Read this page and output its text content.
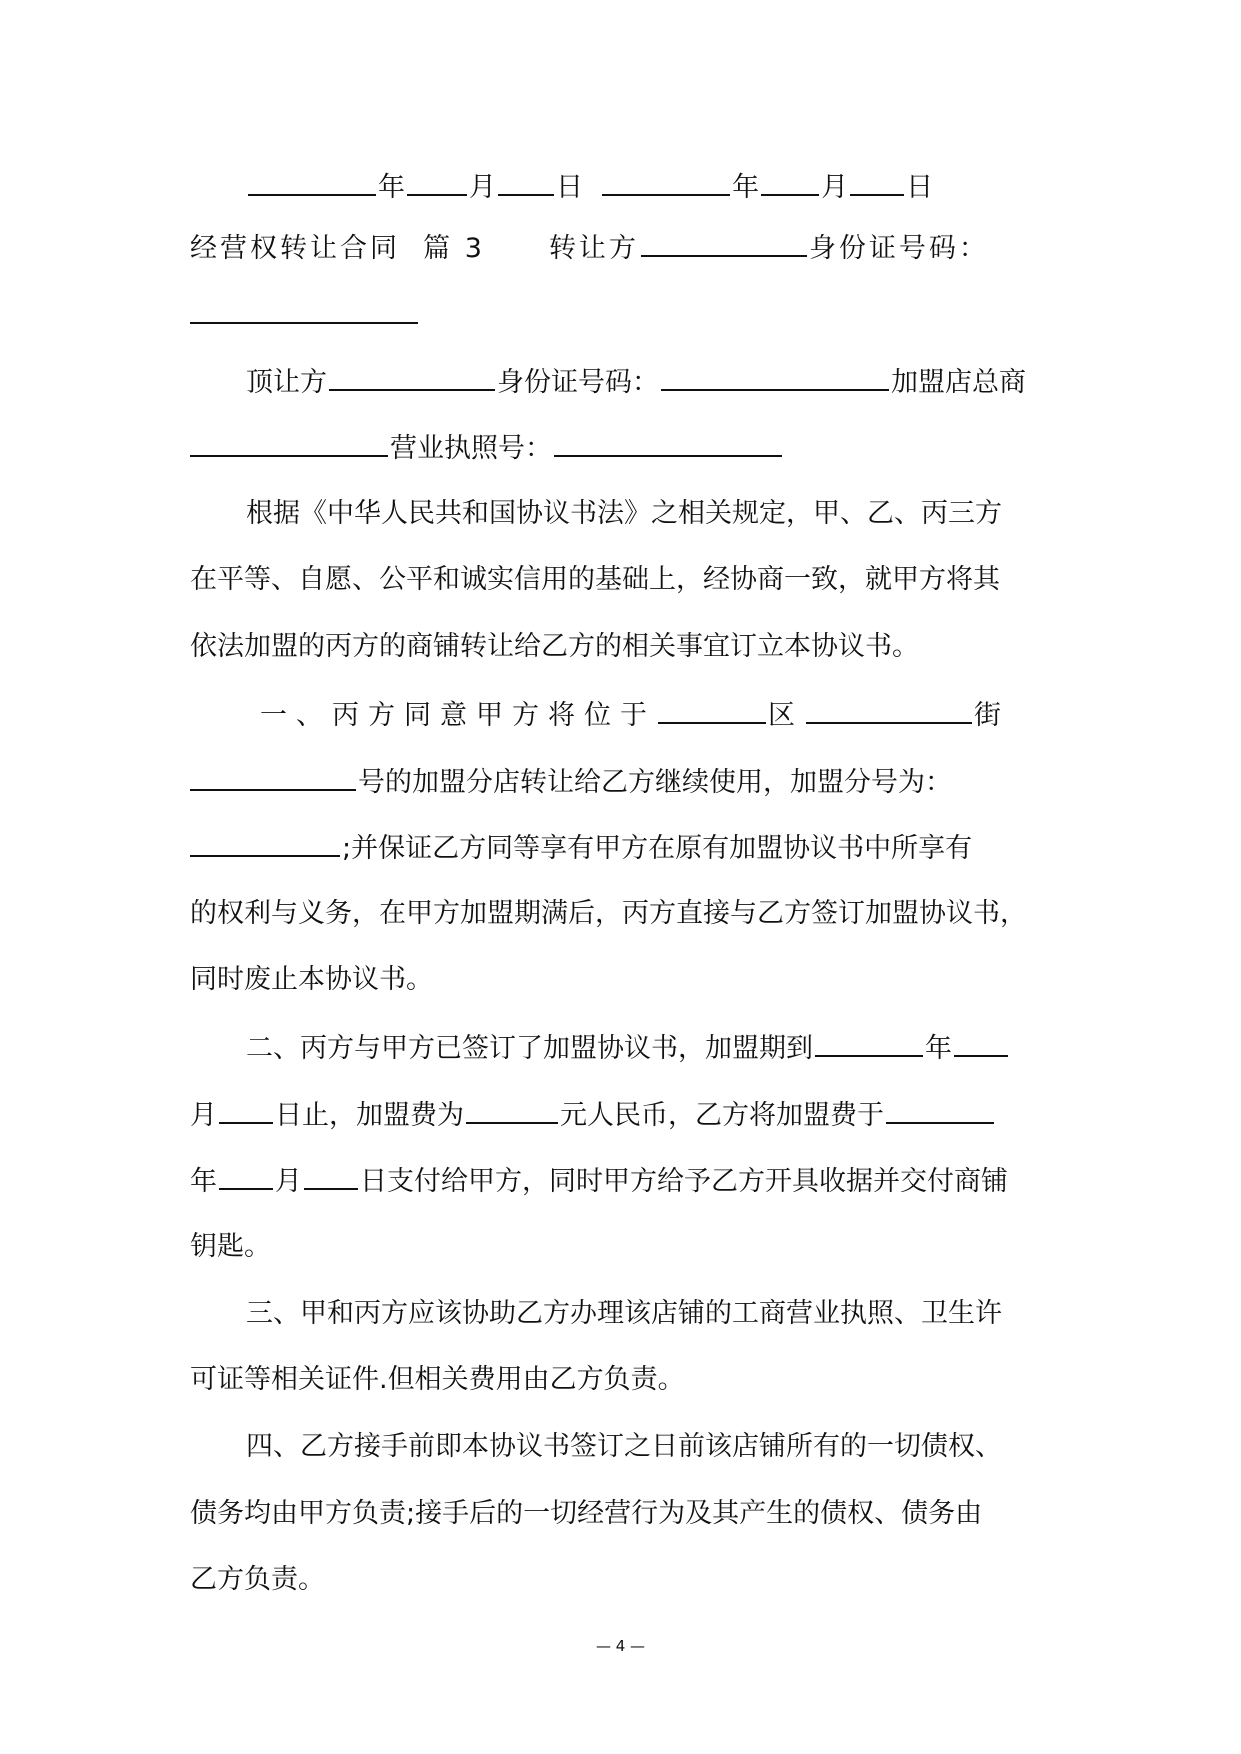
年 月 日	年 月 日
经营权转让合同 篇 3 转让方	身份证号码：
顶让方	身份证号码：	加盟店总商
营业执照号：
根据《中华人民共和国协议书法》之相关规定，甲、乙、丙三方
在平等、自愿、公平和诚实信用的基础上，经协商一致，就甲方将其
依法加盟的丙方的商铺转让给乙方的相关事宜订立本协议书。
一、丙方同意甲方将位于	区	街
号的加盟分店转让给乙方继续使用，加盟分号为：
;并保证乙方同等享有甲方在原有加盟协议书中所享有
的权利与义务，在甲方加盟期满后，丙方直接与乙方签订加盟协议书，
同时废止本协议书。
二、丙方与甲方已签订了加盟协议书，加盟期到	年
月 日止，加盟费为	元人民币，乙方将加盟费于
年 月 日支付给甲方，同时甲方给予乙方开具收据并交付商铺
钥匙。
三、甲和丙方应该协助乙方办理该店铺的工商营业执照、卫生许
可证等相关证件.但相关费用由乙方负责。
四、乙方接手前即本协议书签订之日前该店铺所有的一切债权、
债务均由甲方负责;接手后的一切经营行为及其产生的债权、债务由
乙方负责。
— 4 —
